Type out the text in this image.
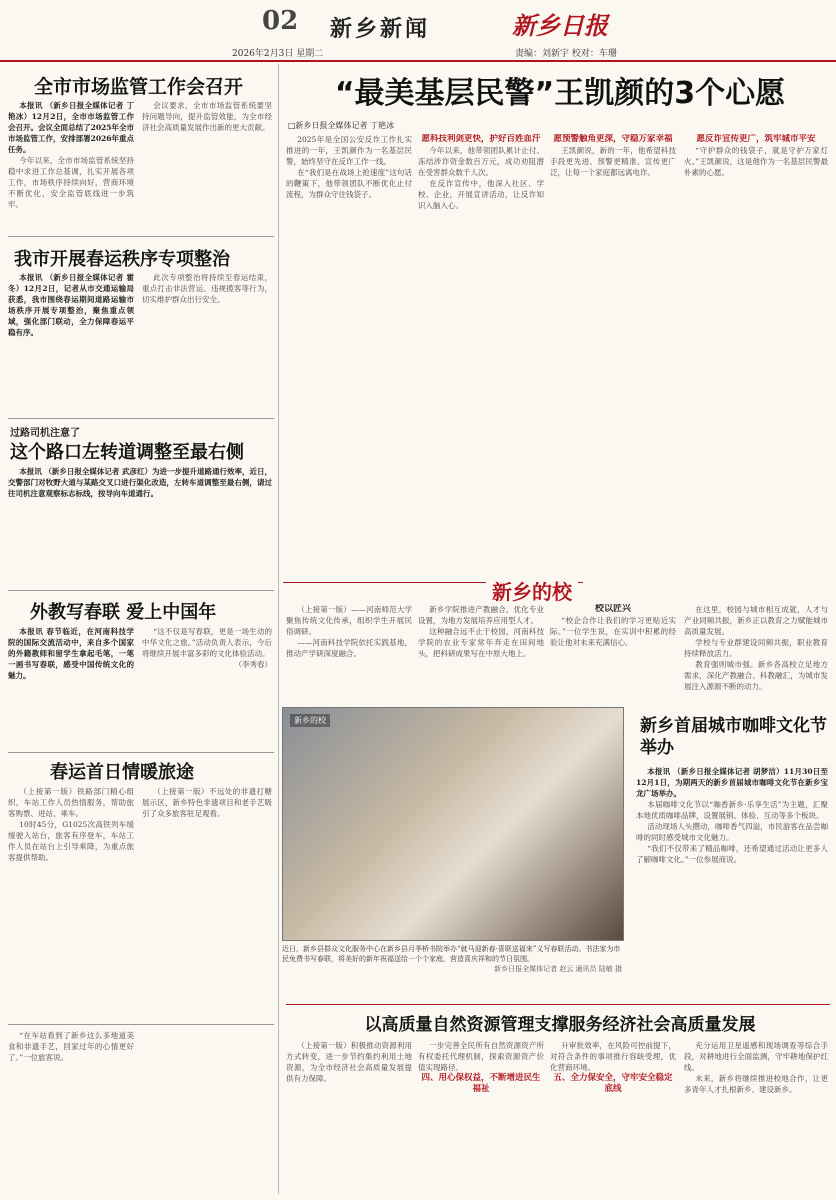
02
2026年2月3日 星期二
新乡新闻	新乡日报
责编：刘新宇 校对：车珊
全市市场监管工作会召开

本报讯 （新乡日报全媒体记者 丁艳冰）12月2日，全市市场监管工作会召开。会议全面总结了2025年全市市场监管工作，安排部署2026年重点任务。

今年以来，全市市场监管系统坚持稳中求进工作总基调，扎实开展各项工作，市场秩序持续向好，营商环境不断优化，安全监管底线进一步筑牢。

会议要求，全市市场监管系统要坚持问题导向，提升监管效能，为全市经济社会高质量发展作出新的更大贡献。

我市开展春运秩序专项整治

本报讯 （新乡日报全媒体记者 霍冬）12月2日，记者从市交通运输局获悉，我市围绕春运期间道路运输市场秩序开展专项整治，聚焦重点领域，强化部门联动，全力保障春运平稳有序。

此次专项整治将持续至春运结束，重点打击非法营运、违规揽客等行为，切实维护群众出行安全。

过路司机注意了
这个路口左转道调整至最右侧

本报讯 （新乡日报全媒体记者 武彦红）为进一步提升道路通行效率，近日，交警部门对牧野大道与某路交叉口进行渠化改造，左转车道调整至最右侧，请过往司机注意观察标志标线，按导向车道通行。

外教写春联 爱上中国年

本报讯 春节临近，在河南科技学院的国际交流活动中，来自多个国家的外籍教师和留学生拿起毛笔，一笔一画书写春联，感受中国传统文化的魅力。

“这不仅是写春联，更是一场生动的中华文化之旅。”活动负责人表示，今后将继续开展丰富多彩的文化体验活动。

（李秀春）

春运首日情暖旅途

（上接第一版）铁路部门精心组织，车站工作人员热情服务，帮助旅客购票、进站、乘车。

10时45分，G1025次高铁列车缓缓驶入站台，旅客有序登车，车站工作人员在站台上引导乘降，为重点旅客提供帮助。

（上接第一版）不远处的非遗打糖展示区，新乡特色非遗项目和老手艺吸引了众多旅客驻足观看。

“在车站看到了新乡这么多地道美食和非遗手艺，回家过年的心情更好了。”一位旅客说。

“最美基层民警”王凯颜的3个心愿
□新乡日报全媒体记者 丁艳冰

2025年是全国公安反诈工作扎实推进的一年，王凯颜作为一名基层民警，始终坚守在反诈工作一线。

在“我们是在战场上抢速度”这句话的鞭策下，他带领团队不断优化止付流程，为群众守住钱袋子。

愿科技利剑更快，护好百姓血汗

今年以来，他带领团队累计止付、冻结涉诈资金数百万元，成功劝阻潜在受害群众数千人次。

在反诈宣传中，他深入社区、学校、企业，开展宣讲活动，让反诈知识入脑入心。

愿预警触角更深，守稳万家幸福

王凯颜说，新的一年，他希望科技手段更先进、预警更精准、宣传更广泛，让每一个家庭都远离电诈。

愿反诈宣传更广，筑牢城市平安

“守护群众的钱袋子，就是守护万家灯火。”王凯颜说，这是他作为一名基层民警最朴素的心愿。

新乡的校

（上接第一版）——河南师范大学聚焦传统文化传承，组织学生开展民俗调研。

——河南科技学院依托实践基地，推动产学研深度融合。

新乡学院推进产教融合，优化专业设置，为地方发展培养应用型人才。

这种融合远不止于校园，河南科技学院的农业专家常年奔走在田间地头，把科研成果写在中原大地上。

校以匠兴

“校企合作让我们的学习更贴近实际。”一位学生说，在实训中积累的经验让他对未来充满信心。

在这里，校园与城市相互成就，人才与产业同频共振，新乡正以教育之力赋能城市高质量发展。

学校与专业群建设同频共振，职业教育持续释放活力。

教育强则城市强。新乡各高校立足地方需求，深化产教融合、科教融汇，为城市发展注入源源不断的动力。

新乡的校
近日，新乡县群众文化服务中心在新乡县月季桥书院举办“就马迎新春·喜联送福来”义写春联活动。书法家为市民免费书写春联，将美好的新年祝福送给一个个家庭，营造喜庆祥和的节日氛围。
新乡日报全媒体记者 赵云 通讯员 陆敏 摄
新乡首届城市咖啡文化节举办

本报讯 （新乡日报全媒体记者 胡梦洁）11月30日至12月1日，为期两天的新乡首届城市咖啡文化节在新乡宝龙广场举办。

本届咖啡文化节以“咖香新乡·乐享生活”为主题，汇聚本地优质咖啡品牌，设置展销、体验、互动等多个板块。

活动现场人头攒动，咖啡香气四溢，市民游客在品尝咖啡的同时感受城市文化魅力。

“我们不仅带来了精品咖啡，还希望通过活动让更多人了解咖啡文化。”一位参展商说。

以高质量自然资源管理支撑服务经济社会高质量发展

（上接第一版）积极推动资源利用方式转变，进一步节约集约利用土地资源，为全市经济社会高质量发展提供有力保障。

一步完善全民所有自然资源资产所有权委托代理机制，探索资源资产价值实现路径。

四、用心保权益，不断增进民生福祉

升审批效率，在风险可控前提下，对符合条件的事项推行容缺受理，优化营商环境。

五、全力保安全，守牢安全稳定底线

充分运用卫星遥感和现场调查等综合手段，对耕地进行全面监测，守牢耕地保护红线。

未来，新乡将继续推进校地合作，让更多青年人才扎根新乡、建设新乡。
